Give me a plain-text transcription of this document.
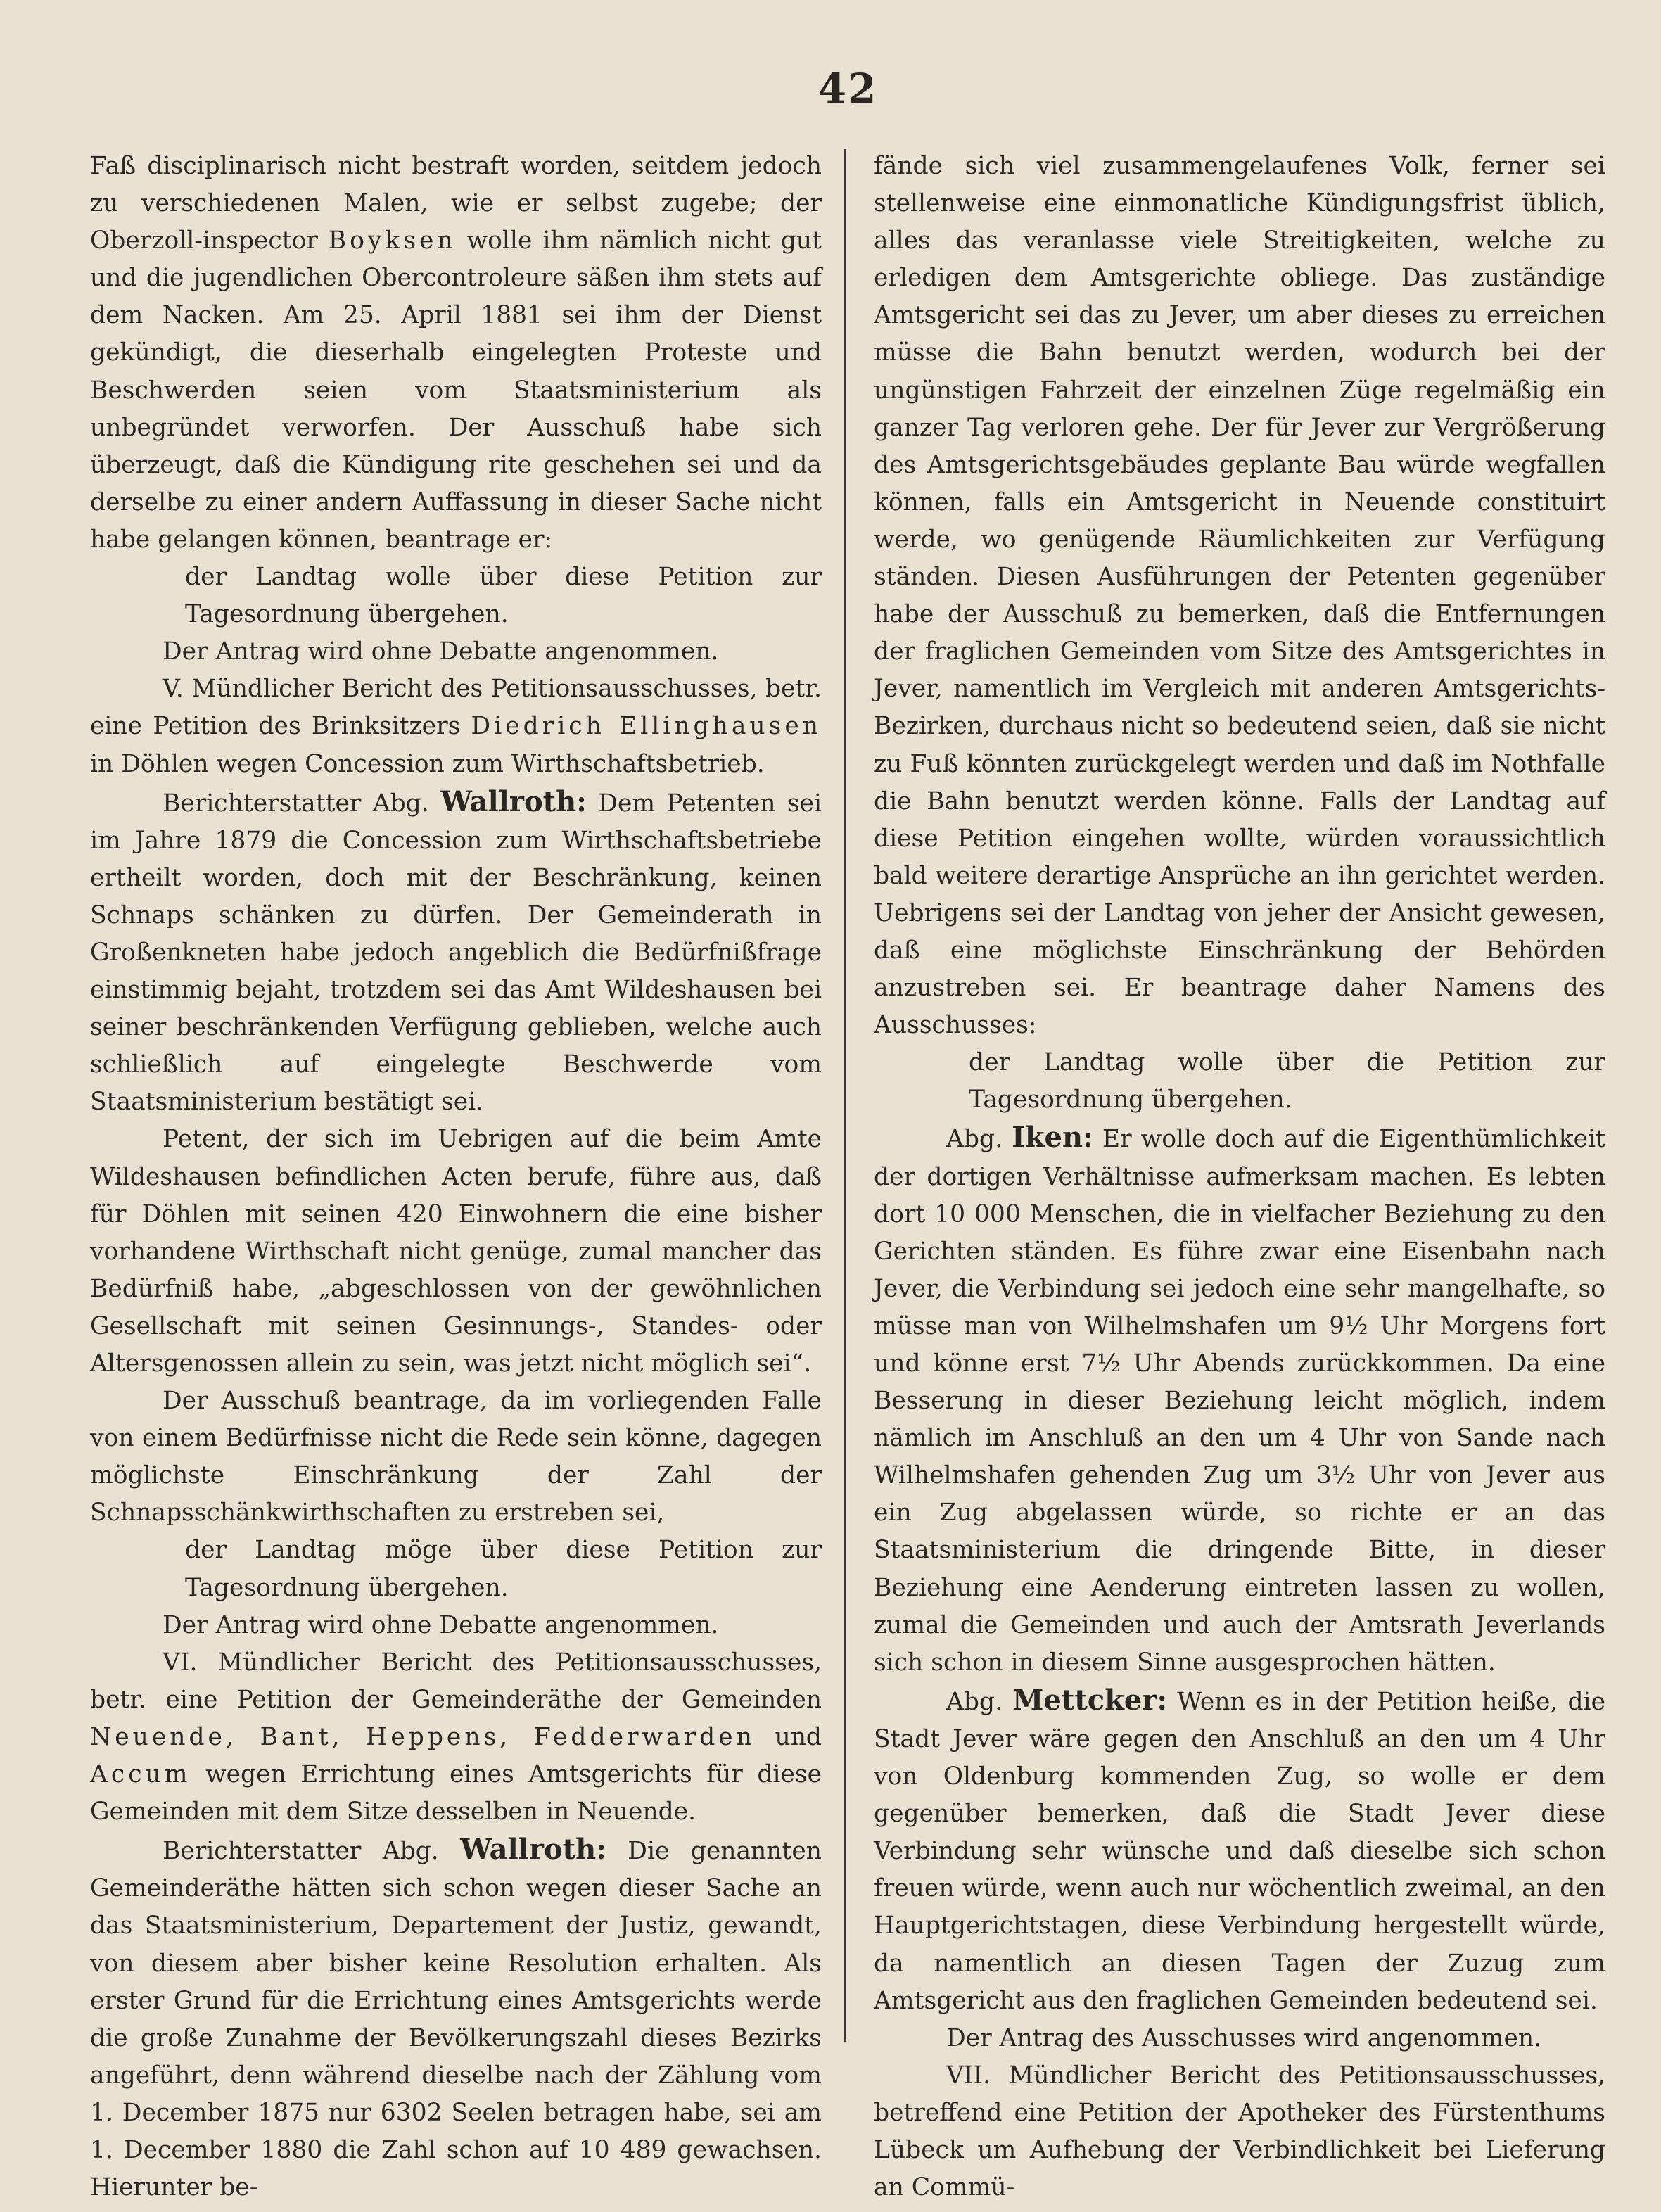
42

Faß disciplinarisch nicht bestraft worden, seitdem jedoch zu verschiedenen Malen, wie er selbst zugebe; der Oberzoll-inspector Boyksen wolle ihm nämlich nicht gut und die jugendlichen Obercontroleure säßen ihm stets auf dem Nacken. Am 25. April 1881 sei ihm der Dienst gekündigt, die dieserhalb eingelegten Proteste und Beschwerden seien vom Staatsministerium als unbegründet verworfen. Der Ausschuß habe sich überzeugt, daß die Kündigung rite geschehen sei und da derselbe zu einer andern Auffassung in dieser Sache nicht habe gelangen können, beantrage er:

der Landtag wolle über diese Petition zur Tagesordnung übergehen.

Der Antrag wird ohne Debatte angenommen.

V. Mündlicher Bericht des Petitionsausschusses, betr. eine Petition des Brinksitzers Diedrich Ellinghausen in Döhlen wegen Concession zum Wirthschaftsbetrieb.

Berichterstatter Abg. Wallroth: Dem Petenten sei im Jahre 1879 die Concession zum Wirthschaftsbetriebe ertheilt worden, doch mit der Beschränkung, keinen Schnaps schänken zu dürfen. Der Gemeinderath in Großenkneten habe jedoch angeblich die Bedürfnißfrage einstimmig bejaht, trotzdem sei das Amt Wildeshausen bei seiner beschränkenden Verfügung geblieben, welche auch schließlich auf eingelegte Beschwerde vom Staatsministerium bestätigt sei.

Petent, der sich im Uebrigen auf die beim Amte Wildeshausen befindlichen Acten berufe, führe aus, daß für Döhlen mit seinen 420 Einwohnern die eine bisher vorhandene Wirthschaft nicht genüge, zumal mancher das Bedürfniß habe, „abgeschlossen von der gewöhnlichen Gesellschaft mit seinen Gesinnungs-, Standes- oder Altersgenossen allein zu sein, was jetzt nicht möglich sei“.

Der Ausschuß beantrage, da im vorliegenden Falle von einem Bedürfnisse nicht die Rede sein könne, dagegen möglichste Einschränkung der Zahl der Schnapsschänkwirthschaften zu erstreben sei,

der Landtag möge über diese Petition zur Tagesordnung übergehen.

Der Antrag wird ohne Debatte angenommen.

VI. Mündlicher Bericht des Petitionsausschusses, betr. eine Petition der Gemeinderäthe der Gemeinden Neuende, Bant, Heppens, Fedderwarden und Accum wegen Errichtung eines Amtsgerichts für diese Gemeinden mit dem Sitze desselben in Neuende.

Berichterstatter Abg. Wallroth: Die genannten Gemeinderäthe hätten sich schon wegen dieser Sache an das Staatsministerium, Departement der Justiz, gewandt, von diesem aber bisher keine Resolution erhalten. Als erster Grund für die Errichtung eines Amtsgerichts werde die große Zunahme der Bevölkerungszahl dieses Bezirks angeführt, denn während dieselbe nach der Zählung vom 1. December 1875 nur 6302 Seelen betragen habe, sei am 1. December 1880 die Zahl schon auf 10 489 gewachsen. Hierunter be-

fände sich viel zusammengelaufenes Volk, ferner sei stellenweise eine einmonatliche Kündigungsfrist üblich, alles das veranlasse viele Streitigkeiten, welche zu erledigen dem Amtsgerichte obliege. Das zuständige Amtsgericht sei das zu Jever, um aber dieses zu erreichen müsse die Bahn benutzt werden, wodurch bei der ungünstigen Fahrzeit der einzelnen Züge regelmäßig ein ganzer Tag verloren gehe. Der für Jever zur Vergrößerung des Amtsgerichtsgebäudes geplante Bau würde wegfallen können, falls ein Amtsgericht in Neuende constituirt werde, wo genügende Räumlichkeiten zur Verfügung ständen. Diesen Ausführungen der Petenten gegenüber habe der Ausschuß zu bemerken, daß die Entfernungen der fraglichen Gemeinden vom Sitze des Amtsgerichtes in Jever, namentlich im Vergleich mit anderen Amtsgerichts-Bezirken, durchaus nicht so bedeutend seien, daß sie nicht zu Fuß könnten zurückgelegt werden und daß im Nothfalle die Bahn benutzt werden könne. Falls der Landtag auf diese Petition eingehen wollte, würden voraussichtlich bald weitere derartige Ansprüche an ihn gerichtet werden. Uebrigens sei der Landtag von jeher der Ansicht gewesen, daß eine möglichste Einschränkung der Behörden anzustreben sei. Er beantrage daher Namens des Ausschusses:

der Landtag wolle über die Petition zur Tagesordnung übergehen.

Abg. Iken: Er wolle doch auf die Eigenthümlichkeit der dortigen Verhältnisse aufmerksam machen. Es lebten dort 10 000 Menschen, die in vielfacher Beziehung zu den Gerichten ständen. Es führe zwar eine Eisenbahn nach Jever, die Verbindung sei jedoch eine sehr mangelhafte, so müsse man von Wilhelmshafen um 9½ Uhr Morgens fort und könne erst 7½ Uhr Abends zurückkommen. Da eine Besserung in dieser Beziehung leicht möglich, indem nämlich im Anschluß an den um 4 Uhr von Sande nach Wilhelmshafen gehenden Zug um 3½ Uhr von Jever aus ein Zug abgelassen würde, so richte er an das Staatsministerium die dringende Bitte, in dieser Beziehung eine Aenderung eintreten lassen zu wollen, zumal die Gemeinden und auch der Amtsrath Jeverlands sich schon in diesem Sinne ausgesprochen hätten.

Abg. Mettcker: Wenn es in der Petition heiße, die Stadt Jever wäre gegen den Anschluß an den um 4 Uhr von Oldenburg kommenden Zug, so wolle er dem gegenüber bemerken, daß die Stadt Jever diese Verbindung sehr wünsche und daß dieselbe sich schon freuen würde, wenn auch nur wöchentlich zweimal, an den Hauptgerichtstagen, diese Verbindung hergestellt würde, da namentlich an diesen Tagen der Zuzug zum Amtsgericht aus den fraglichen Gemeinden bedeutend sei.

Der Antrag des Ausschusses wird angenommen.

VII. Mündlicher Bericht des Petitionsausschusses, betreffend eine Petition der Apotheker des Fürstenthums Lübeck um Aufhebung der Verbindlichkeit bei Lieferung an Commü-
